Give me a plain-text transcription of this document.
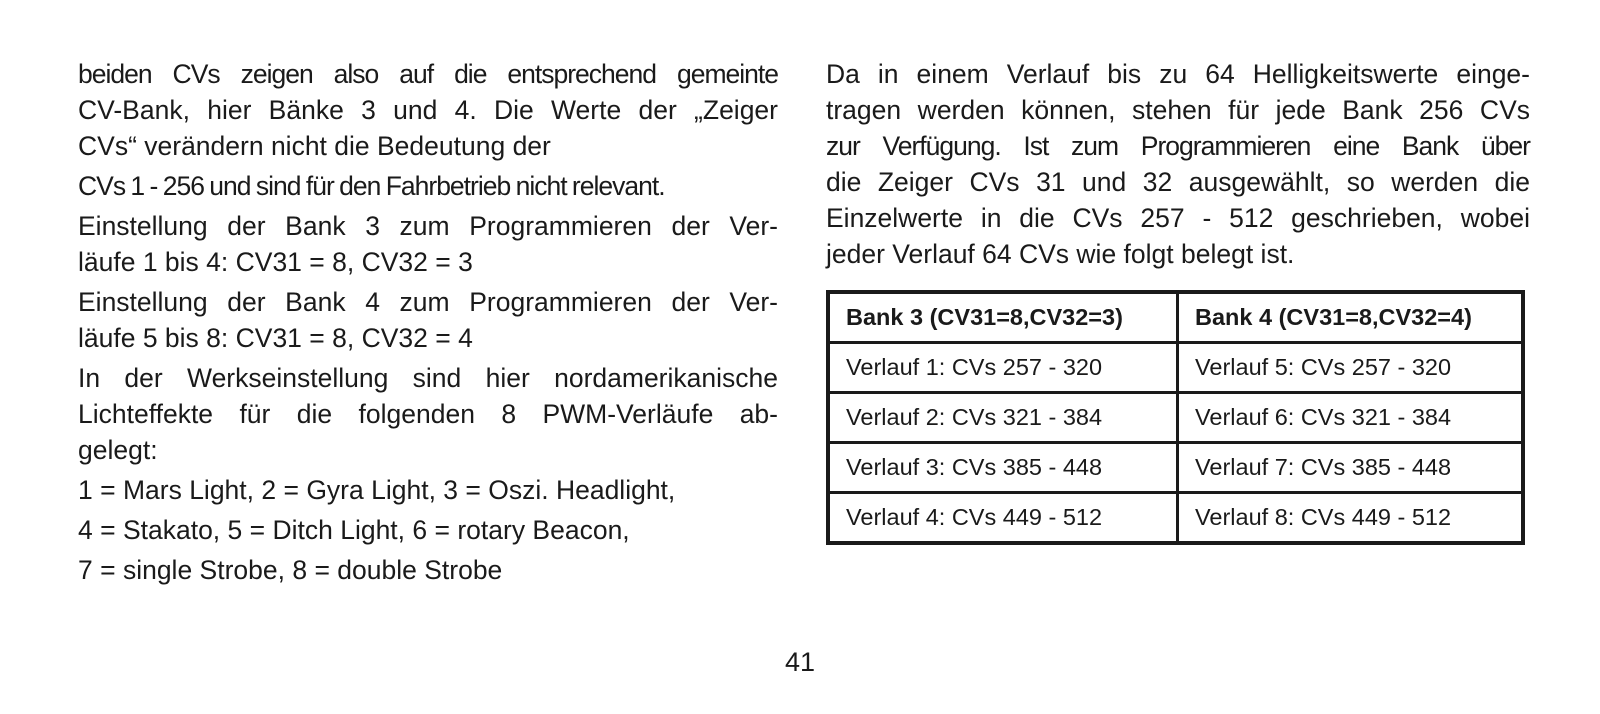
beiden CVs zeigen also auf die entsprechend gemeinte
CV-Bank, hier Bänke 3 und 4. Die Werte der „Zeiger
CVs“ verändern nicht die Bedeutung der

CVs 1 - 256 und sind für den Fahrbetrieb nicht relevant.

Einstellung der Bank 3 zum Programmieren der Ver-
läufe 1 bis 4: CV31 = 8, CV32 = 3

Einstellung der Bank 4 zum Programmieren der Ver-
läufe 5 bis 8: CV31 = 8, CV32 = 4

In der Werkseinstellung sind hier nordamerikanische
Lichteffekte für die folgenden 8 PWM-Verläufe ab-
gelegt:

1 = Mars Light, 2 = Gyra Light, 3 = Oszi. Headlight,

4 = Stakato, 5 = Ditch Light, 6 = rotary Beacon,

7 = single Strobe, 8 = double Strobe

Da in einem Verlauf bis zu 64 Helligkeitswerte einge-
tragen werden können, stehen für jede Bank 256 CVs
zur Verfügung. Ist zum Programmieren eine Bank über
die Zeiger CVs 31 und 32 ausgewählt, so werden die
Einzelwerte in die CVs 257 - 512 geschrieben, wobei
jeder Verlauf 64 CVs wie folgt belegt ist.

Bank 3 (CV31=8,CV32=3)	Bank 4 (CV31=8,CV32=4)
Verlauf 1: CVs 257 - 320	Verlauf 5: CVs 257 - 320
Verlauf 2: CVs 321 - 384	Verlauf 6: CVs 321 - 384
Verlauf 3: CVs 385 - 448	Verlauf 7: CVs 385 - 448
Verlauf 4: CVs 449 - 512	Verlauf 8: CVs 449 - 512
41
